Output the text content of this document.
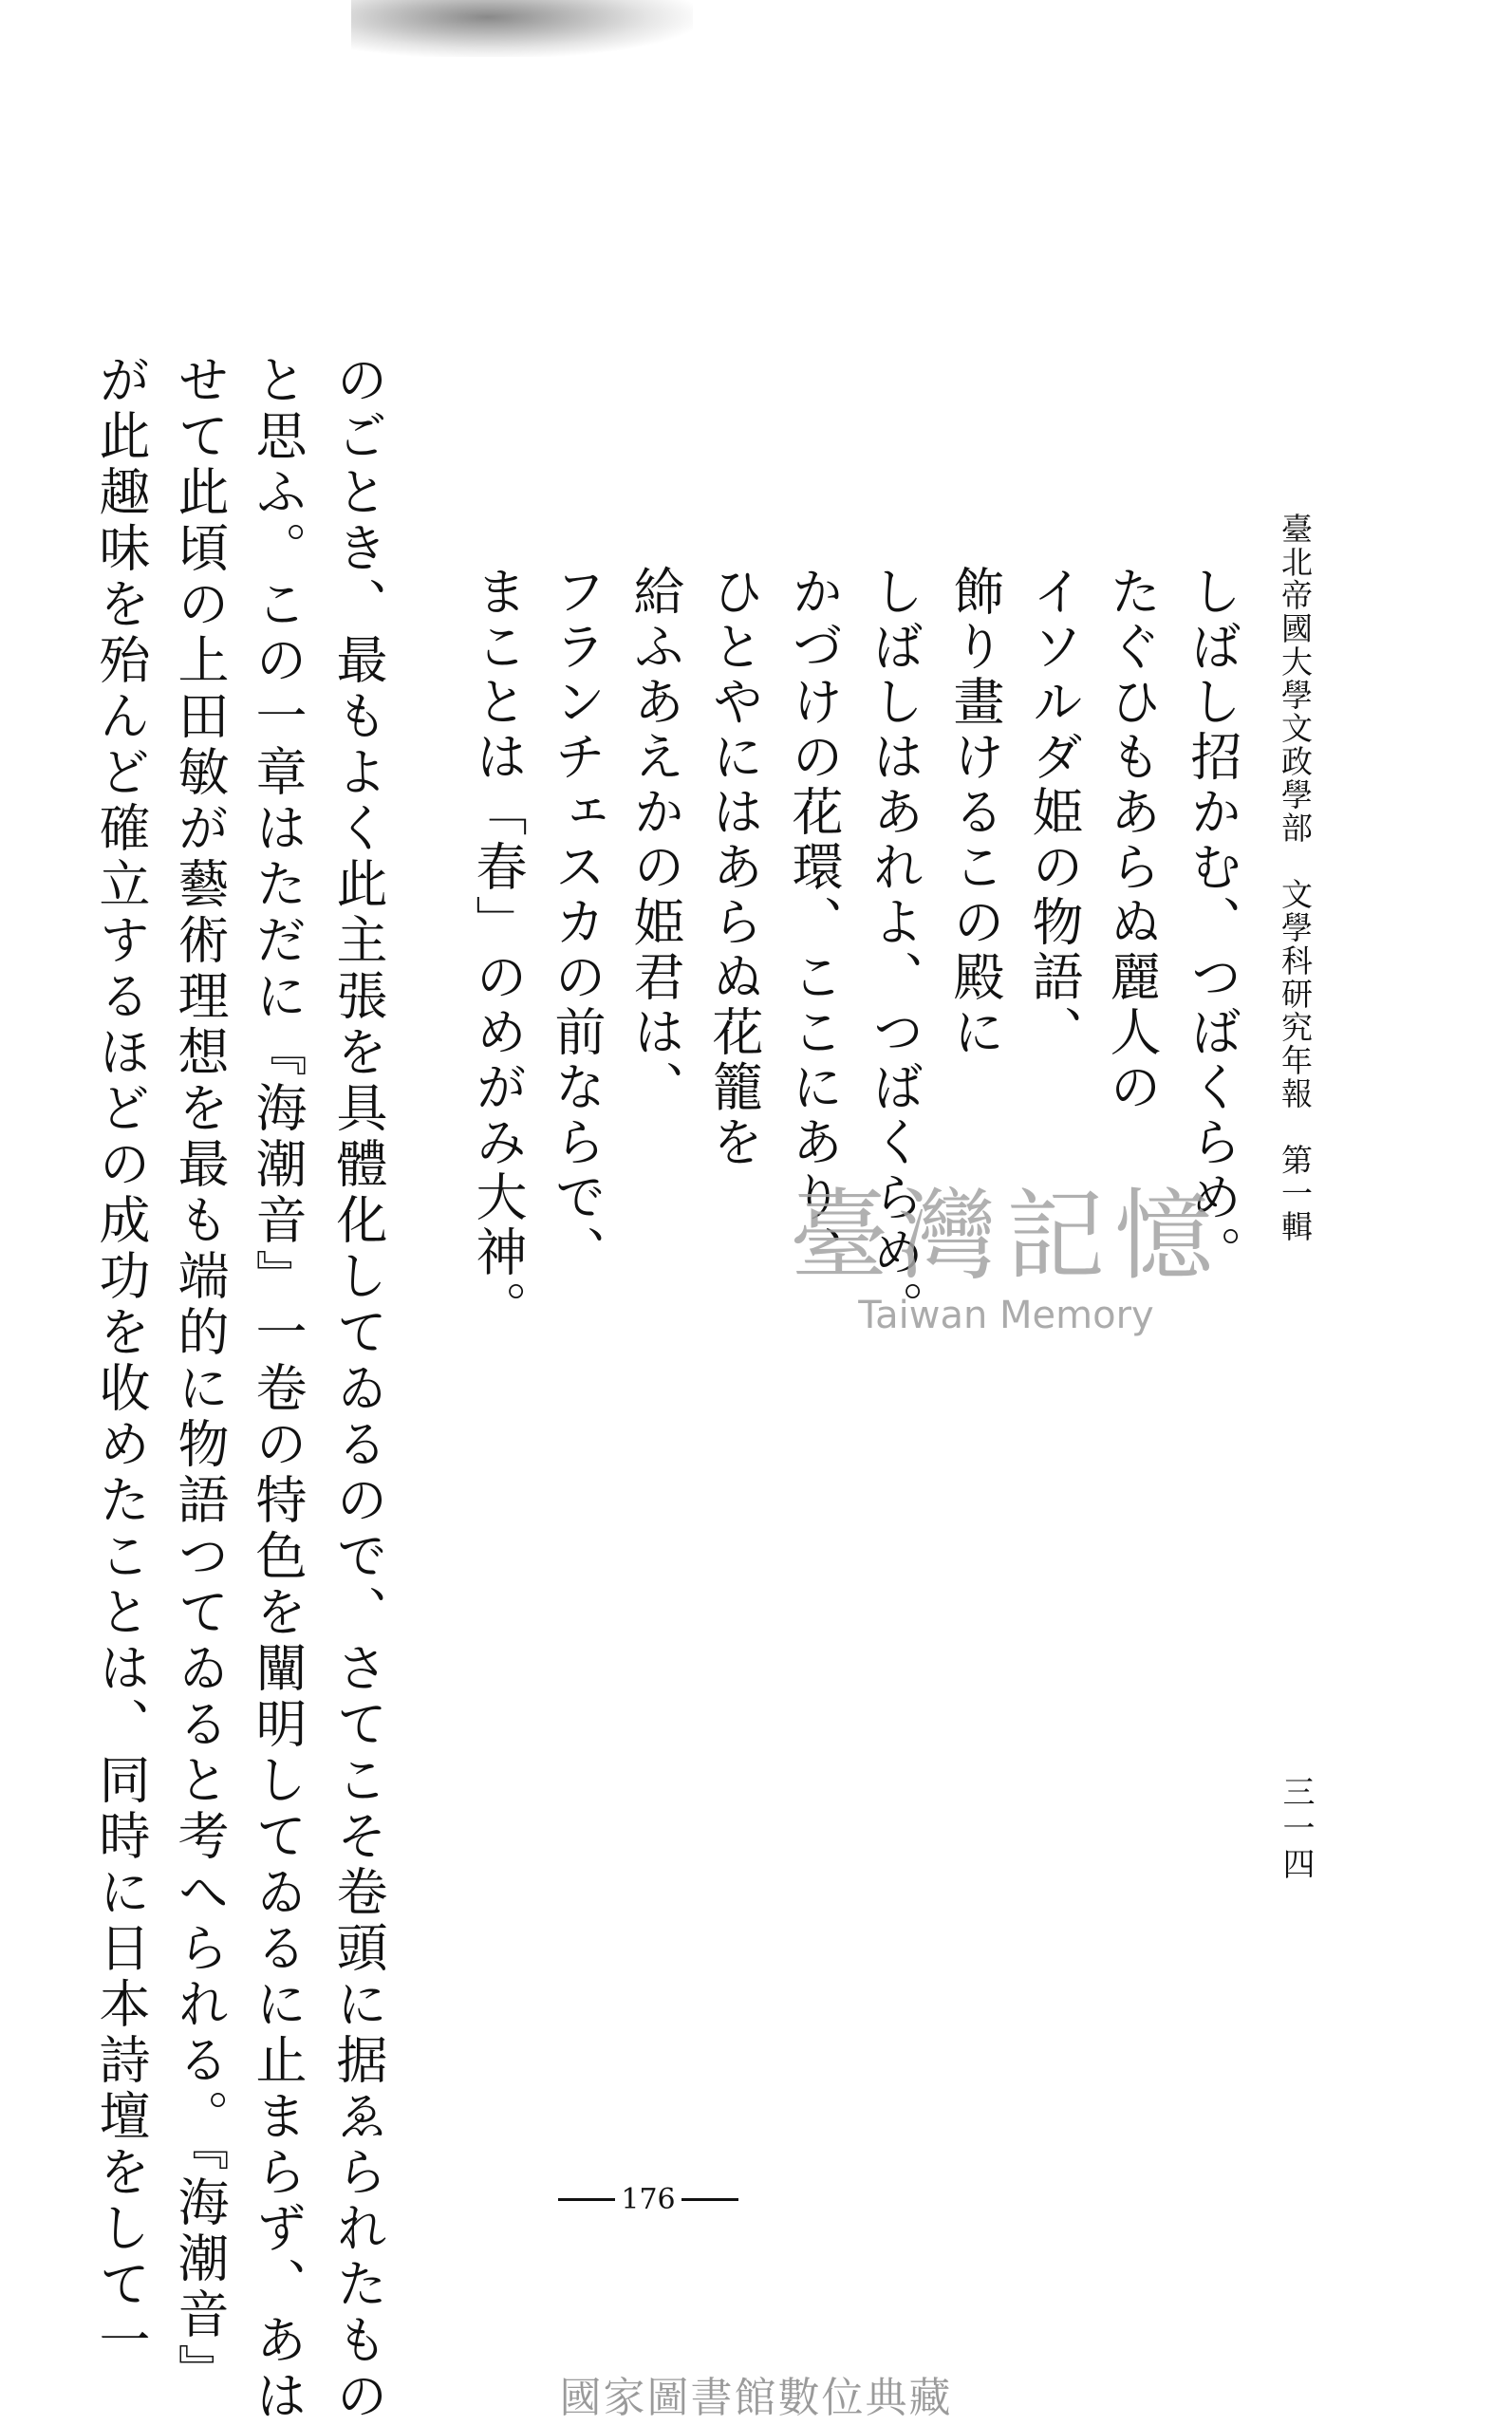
臺北帝國大學文政學部　文學科研究年報　第一輯
三一四
しばし招かむ、つばくらめ。
たぐひもあらぬ麗人の
イソルダ姫の物語、
飾り畫けるこの殿に
しばしはあれよ、つばくらめ。
かづけの花環、ここにあり、
ひとやにはあらぬ花籠を
給ふあえかの姫君は、
フランチェスカの前ならで、
まことは「春」のめがみ大神。
のごとき、最もよく此主張を具體化してゐるので、さてこそ卷頭に据ゑられたもの
と思ふ。この一章はただに『海潮音』一卷の特色を闡明してゐるに止まらず、あは
せて此頃の上田敏が藝術理想を最も端的に物語つてゐると考へられる。『海潮音』
が此趣味を殆んど確立するほどの成功を收めたことは、同時に日本詩壇をして一	臺灣記憶
Taiwan Memory
176
國家圖書館數位典藏
